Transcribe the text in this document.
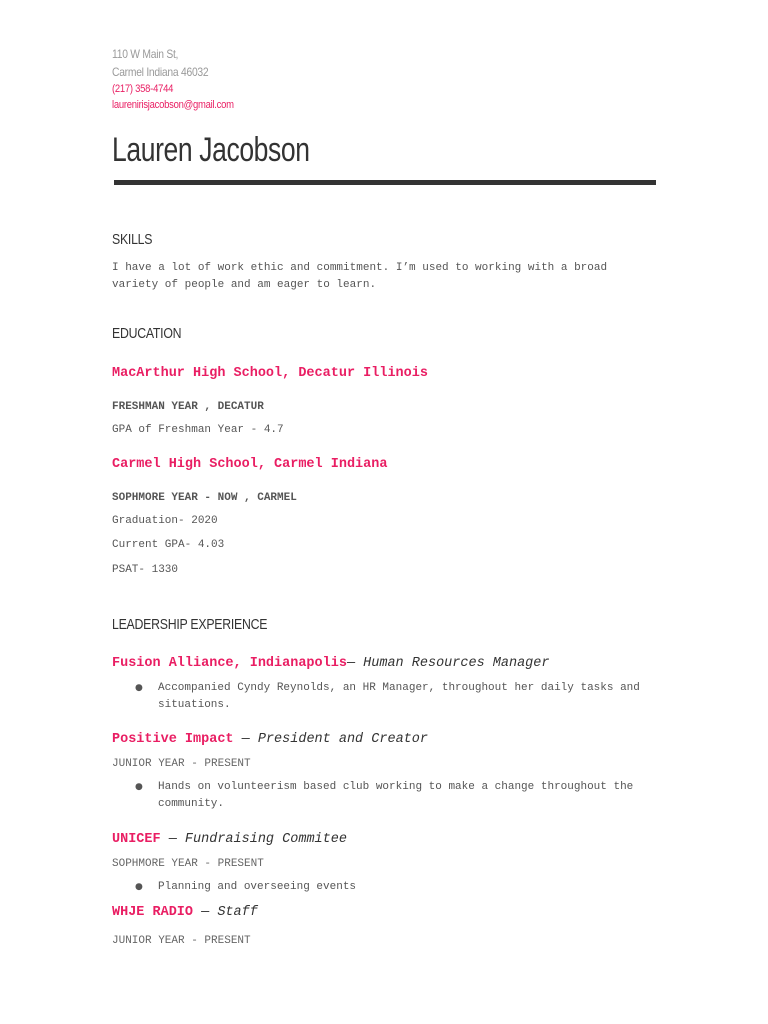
110 W Main St,
Carmel Indiana 46032
(217) 358-4744
laurenirisjacobson@gmail.com
Lauren Jacobson
SKILLS
I have a lot of work ethic and commitment. I’m used to working with a broad variety of people and am eager to learn.
EDUCATION
MacArthur High School, Decatur Illinois
FRESHMAN YEAR , DECATUR
GPA of Freshman Year - 4.7
Carmel High School, Carmel Indiana
SOPHMORE YEAR - NOW , CARMEL
Graduation- 2020
Current GPA- 4.03
PSAT- 1330
LEADERSHIP EXPERIENCE
Fusion Alliance, Indianapolis— Human Resources Manager
●	Accompanied Cyndy Reynolds, an HR Manager, throughout her daily tasks and situations.
Positive Impact — President and Creator
JUNIOR YEAR - PRESENT
●	Hands on volunteerism based club working to make a change throughout the community.
UNICEF — Fundraising Commitee
SOPHMORE YEAR - PRESENT
●	Planning and overseeing events
WHJE RADIO — Staff
JUNIOR YEAR - PRESENT
